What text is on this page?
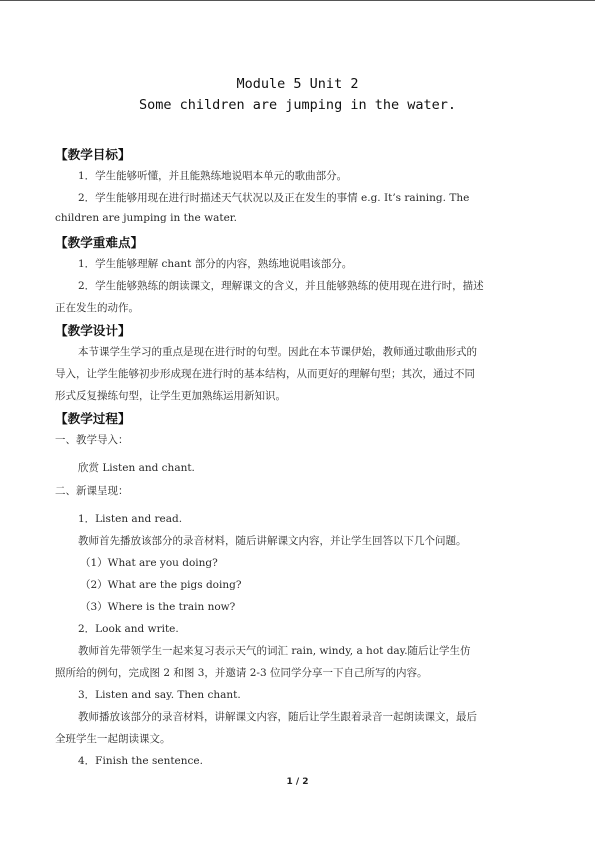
Module 5 Unit 2
Some children are jumping in the water.
【教学目标】
1．学生能够听懂，并且能熟练地说唱本单元的歌曲部分。
2．学生能够用现在进行时描述天气状况以及正在发生的事情 e.g. It’s raining. The
children are jumping in the water.
【教学重难点】
1．学生能够理解 chant 部分的内容，熟练地说唱该部分。
2．学生能够熟练的朗读课文，理解课文的含义，并且能够熟练的使用现在进行时，描述
正在发生的动作。
【教学设计】
本节课学生学习的重点是现在进行时的句型。因此在本节课伊始，教师通过歌曲形式的
导入，让学生能够初步形成现在进行时的基本结构，从而更好的理解句型；其次，通过不同
形式反复操练句型，让学生更加熟练运用新知识。
【教学过程】
一、教学导入：
欣赏 Listen and chant.
二、新课呈现：
1．Listen and read.
教师首先播放该部分的录音材料，随后讲解课文内容，并让学生回答以下几个问题。
（1）What are you doing?
（2）What are the pigs doing?
（3）Where is the train now?
2．Look and write.
教师首先带领学生一起来复习表示天气的词汇 rain, windy, a hot day.随后让学生仿
照所给的例句，完成图 2 和图 3，并邀请 2-3 位同学分享一下自己所写的内容。
3．Listen and say. Then chant.
教师播放该部分的录音材料，讲解课文内容，随后让学生跟着录音一起朗读课文，最后
全班学生一起朗读课文。
4．Finish the sentence.
1 / 2
